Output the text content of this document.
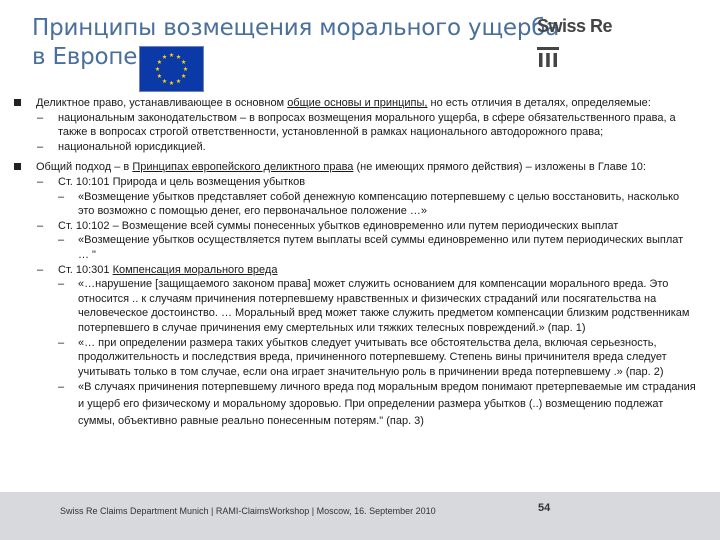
Принципы возмещения морального ущерба
в Европе
Swiss Re
Деликтное право, устанавливающее в основном общие основы и принципы, но есть отличия в деталях, определяемые:
– национальным законодательством – в вопросах возмещения морального ущерба, в сфере обязательственного права, а также в вопросах строгой ответственности, установленной в рамках национального автодорожного права;
– национальной юрисдикцией.
Общий подход – в Принципах европейского деликтного права (не имеющих прямого действия) – изложены в Главе 10:
– Ст. 10:101 Природа и цель возмещения убытков
– «Возмещение убытков представляет собой денежную компенсацию потерпевшему с целью восстановить, насколько это возможно с помощью денег, его первоначальное положение …»
– Ст. 10:102 – Возмещение всей суммы понесенных убытков единовременно или путем периодических выплат
– «Возмещение убытков осуществляется путем выплаты всей суммы единовременно или путем периодических выплат … "
– Ст. 10:301 Компенсация морального вреда
– «…нарушение [защищаемого законом права] может служить основанием для компенсации морального вреда. Это относится .. к случаям причинения потерпевшему нравственных и физических страданий или посягательства на человеческое достоинство. … Моральный вред может также служить предметом компенсации близким родственникам потерпевшего в случае причинения ему смертельных или тяжких телесных повреждений.» (пар. 1)
– «… при определении размера таких убытков следует учитывать все обстоятельства дела, включая серьезность, продолжительность и последствия вреда, причиненного потерпевшему. Степень вины причинителя вреда следует учитывать только в том случае, если она играет значительную роль в причинении вреда потерпевшему .» (пар. 2)
– «В случаях причинения потерпевшему личного вреда под моральным вредом понимают претерпеваемые им страдания и ущерб его физическому и моральному здоровью. При определении размера убытков (..) возмещению подлежат суммы, объективно равные реально понесенным потерям." (пар. 3)
Swiss Re Claims Department Munich | RAMI-ClaimsWorkshop | Moscow, 16. September 2010	54
